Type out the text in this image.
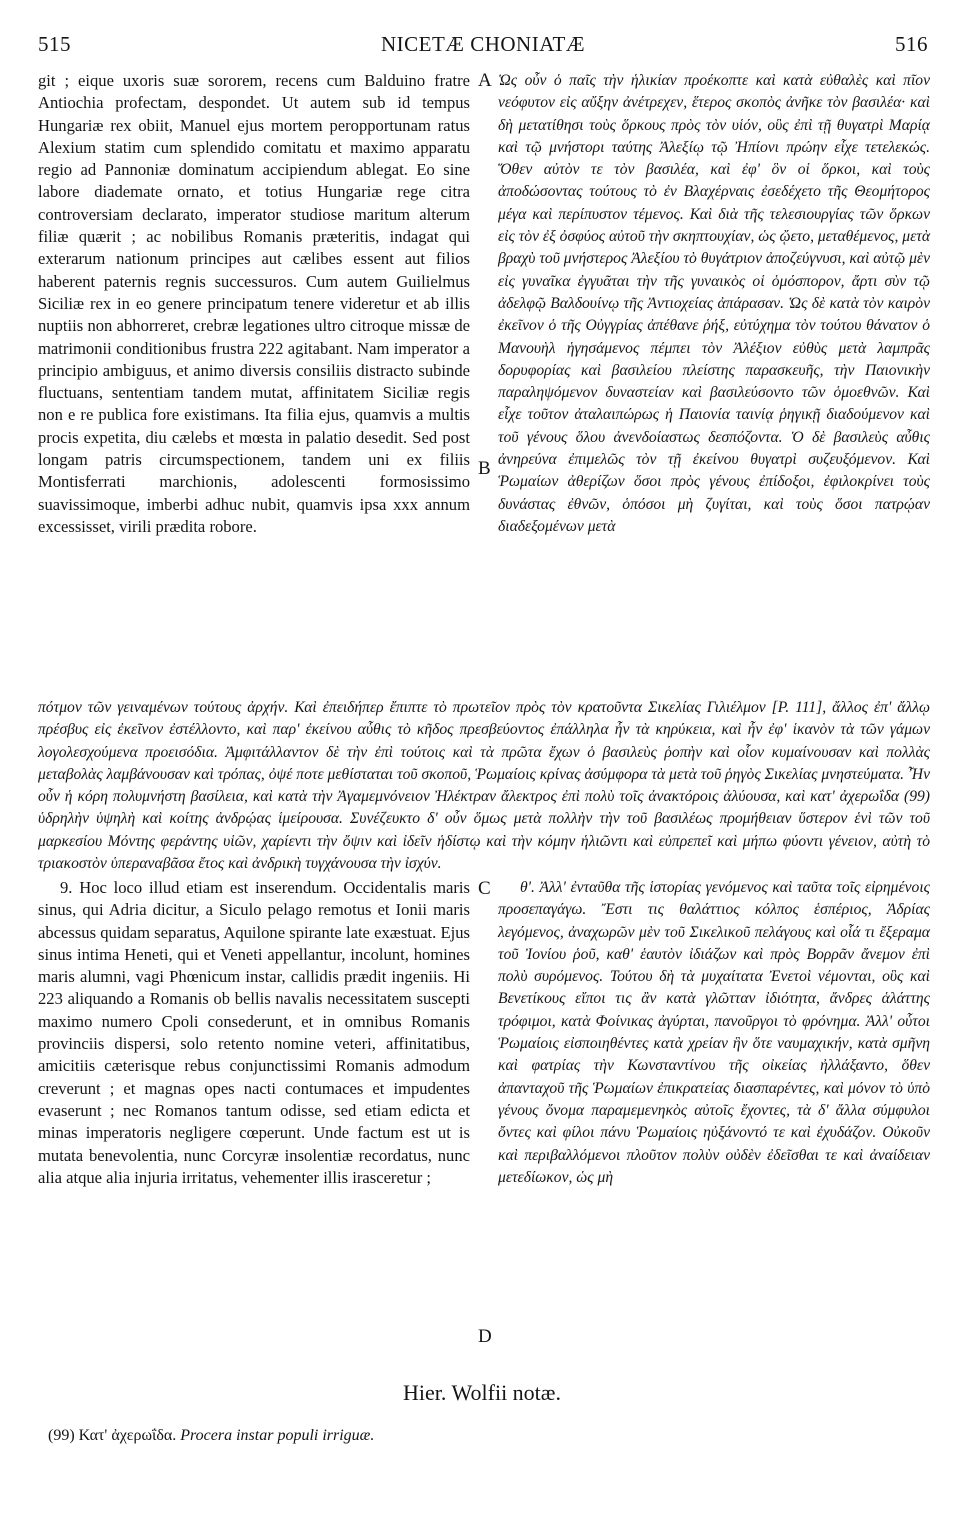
515	NICETÆ CHONIATÆ	516

git ; eique uxoris suæ sororem, recens cum Balduino fratre Antiochia profectam, despondet. Ut autem sub id tempus Hungariæ rex obiit, Manuel ejus mortem peropportunam ratus Alexium statim cum splendido comitatu et maximo apparatu regio ad Pannoniæ dominatum accipiendum ablegat. Eo sine labore diademate ornato, et totius Hungariæ rege citra controversiam declarato, imperator studiose maritum alterum filiæ quærit ; ac nobilibus Romanis præteritis, indagat qui exterarum nationum principes aut cælibes essent aut filios haberent paternis regnis successuros. Cum autem Guilielmus Siciliæ rex in eo genere principatum tenere videretur et ab illis nuptiis non abhorreret, crebræ legationes ultro citroque missæ de matrimonii conditionibus frustra 222 agitabant. Nam imperator a principio ambiguus, et animo diversis consiliis distracto subinde fluctuans, sententiam tandem mutat, affinitatem Siciliæ regis non e re publica fore existimans. Ita filia ejus, quamvis a multis procis expetita, diu cælebs et mœsta in palatio desedit. Sed post longam patris circumspectionem, tandem uni ex filiis Montisferrati marchionis, adolescenti formosissimo suavissimoque, imberbi adhuc nubit, quamvis ipsa xxx annum excessisset, virili prædita robore.

Ὡς οὖν ὁ παῖς τὴν ἡλικίαν προέκοπτε καὶ κατὰ εὐθαλὲς καὶ πῖον νεόφυτον εἰς αὔξην ἀνέτρεχεν, ἕτερος σκοπὸς ἀνῆκε τὸν βασιλέα· καὶ δὴ μετατίθησι τοὺς ὅρκους πρὸς τὸν υἱόν, οὓς ἐπὶ τῇ θυγατρὶ Μαρίᾳ καὶ τῷ μνήστορι ταύτης Ἀλεξίῳ τῷ Ἠπίονι πρώην εἶχε τετελεκώς. Ὅθεν αὐτὸν τε τὸν βασιλέα, καὶ ἐφ' ὃν οἱ ὅρκοι, καὶ τοὺς ἀποδώσοντας τούτους τὸ ἐν Βλαχέρναις ἐσεδέχετο τῆς Θεομήτορος μέγα καὶ περίπυστον τέμενος. Καὶ διὰ τῆς τελεσιουργίας τῶν ὅρκων εἰς τὸν ἐξ ὀσφύος αὐτοῦ τὴν σκηπτουχίαν, ὡς ᾤετο, μεταθέμενος, μετὰ βραχὺ τοῦ μνήστερος Ἀλεξίου τὸ θυγάτριον ἀποζεύγνυσι, καὶ αὐτῷ μὲν εἰς γυναῖκα ἐγγυᾶται τὴν τῆς γυναικὸς οἱ ὁμόσπορον, ἄρτι σὺν τῷ ἀδελφῷ Βαλδουίνῳ τῆς Ἀντιοχείας ἀπάρασαν. Ὡς δὲ κατὰ τὸν καιρὸν ἐκεῖνον ὁ τῆς Οὐγγρίας ἀπέθανε ῥήξ, εὐτύχημα τὸν τούτου θάνατον ὁ Μανουὴλ ἡγησάμενος πέμπει τὸν Ἀλέξιον εὐθὺς μετὰ λαμπρᾶς δορυφορίας καὶ βασιλείου πλείστης παρασκευῆς, τὴν Παιονικὴν παραληψόμενον δυναστείαν καὶ βασιλεύσοντο τῶν ὁμοεθνῶν. Καὶ εἶχε τοῦτον ἀταλαιπώρως ἡ Παιονία ταινίᾳ ῥηγικῇ διαδούμενον καὶ τοῦ γένους ὅλου ἀνενδοίαστως δεσπόζοντα. Ὁ δὲ βασιλεὺς αὖθις ἀνηρεύνα ἐπιμελῶς τὸν τῇ ἐκείνου θυγατρὶ συζευξόμενον. Καὶ Ῥωμαίων ἀθερίζων ὅσοι πρὸς γένους ἐπίδοξοι, ἐφιλοκρίνει τοὺς δυνάστας ἐθνῶν, ὁπόσοι μὴ ζυγίται, καὶ τοὺς ὅσοι πατρῴαν διαδεξομένων μετὰ

A
B

πότμον τῶν γειναμένων τούτους ἀρχήν. Καὶ ἐπειδήπερ ἔπιπτε τὸ πρωτεῖον πρὸς τὸν κρατοῦντα Σικελίας Γιλιέλμον [P. 111], ἄλλος ἐπ' ἄλλῳ πρέσβυς εἰς ἐκεῖνον ἐστέλλοντο, καὶ παρ' ἐκείνου αὖθις τὸ κῆδος πρεσβεύοντος ἐπάλληλα ἦν τὰ κηρύκεια, καὶ ἦν ἐφ' ἱκανὸν τὰ τῶν γάμων λογολεσχούμενα προεισόδια. Ἀμφιτάλλαντον δὲ τὴν ἐπὶ τούτοις καὶ τὰ πρῶτα ἔχων ὁ βασιλεὺς ῥοπὴν καὶ οἷον κυμαίνουσαν καὶ πολλὰς μεταβολὰς λαμβάνουσαν καὶ τρόπας, ὀψέ ποτε μεθίσταται τοῦ σκοποῦ, Ῥωμαίοις κρίνας ἀσύμφορα τὰ μετὰ τοῦ ῥηγὸς Σικελίας μνηστεύματα. Ἦν οὖν ἡ κόρη πολυμνήστη βασίλεια, καὶ κατὰ τὴν Ἀγαμεμνόνειον Ἠλέκτραν ἄλεκτρος ἐπὶ πολὺ τοῖς ἀνακτόροις ἀλύουσα, καὶ κατ' ἀχερωΐδα (99) ὑδρηλὴν ὑψηλὴ καὶ κοίτης ἀνδρῴας ἱμείρουσα. Συνέζευκτο δ' οὖν ὅμως μετὰ πολλὴν τὴν τοῦ βασιλέως προμήθειαν ὕστερον ἑνὶ τῶν τοῦ μαρκεσίου Μόντης φεράντης υἱῶν, χαρίεντι τὴν ὄψιν καὶ ἰδεῖν ἡδίστῳ καὶ τὴν κόμην ἡλιῶντι καὶ εὐπρεπεῖ καὶ μήπω φύοντι γένειον, αὐτὴ τὸ τριακοστὸν ὑπεραναβᾶσα ἔτος καὶ ἀνδρικὴ τυγχάνουσα τὴν ἰσχύν.

9. Hoc loco illud etiam est inserendum. Occidentalis maris sinus, qui Adria dicitur, a Siculo pelago remotus et Ionii maris abcessus quidam separatus, Aquilone spirante late exæstuat. Ejus sinus intima Heneti, qui et Veneti appellantur, incolunt, homines maris alumni, vagi Phœnicum instar, callidis prædit ingeniis. Hi 223 aliquando a Romanis ob bellis navalis necessitatem suscepti maximo numero Cpoli consederunt, et in omnibus Romanis provinciis dispersi, solo retento nomine veteri, affinitatibus, amicitiis cæterisque rebus conjunctissimi Romanis admodum creverunt ; et magnas opes nacti contumaces et impudentes evaserunt ; nec Romanos tantum odisse, sed etiam edicta et minas imperatoris negligere cœperunt. Unde factum est ut is mutata benevolentia, nunc Corcyræ insolentiæ recordatus, nunc alia atque alia injuria irritatus, vehementer illis irasceretur ;

θ'. Ἀλλ' ἐνταῦθα τῆς ἱστορίας γενόμενος καὶ ταῦτα τοῖς εἰρημένοις προσεπαγάγω. Ἔστι τις θαλάττιος κόλπος ἑσπέριος, Ἀδρίας λεγόμενος, ἀναχωρῶν μὲν τοῦ Σικελικοῦ πελάγους καὶ οἷά τι ἔξεραμα τοῦ Ἰονίου ῥοῦ, καθ' ἑαυτὸν ἰδιάζων καὶ πρὸς Βορρᾶν ἄνεμον ἐπὶ πολὺ συρόμενος. Τούτου δὴ τὰ μυχαίτατα Ἐνετοὶ νέμονται, οὓς καὶ Βενετίκους εἴποι τις ἂν κατὰ γλῶτταν ἰδιότητα, ἄνδρες ἁλάττης τρόφιμοι, κατὰ Φοίνικας ἀγύρται, πανοῦργοι τὸ φρόνημα. Ἀλλ' οὗτοι Ῥωμαίοις εἰσποιηθέντες κατὰ χρείαν ἣν ὅτε ναυμαχικήν, κατὰ σμῆνη καὶ φατρίας τὴν Κωνσταντίνου τῆς οἰκείας ἠλλάξαντο, ὅθεν ἀπανταχοῦ τῆς Ῥωμαίων ἐπικρατείας διασπαρέντες, καὶ μόνον τὸ ὑπὸ γένους ὄνομα παραμεμενηκὸς αὐτοῖς ἔχοντες, τὰ δ' ἄλλα σύμφυλοι ὄντες καὶ φίλοι πάνυ Ῥωμαίοις ηὐξάνοντό τε καὶ ἐχυδάζον. Οὐκοῦν καὶ περιβαλλόμενοι πλοῦτον πολὺν οὐδὲν ἐδεῖσθαι τε καὶ ἀναίδειαν μετεδίωκον, ὡς μὴ

C
D
Hier. Wolfii notæ.
(99) Κατ' ἀχερωΐδα. Procera instar populi irriguæ.
